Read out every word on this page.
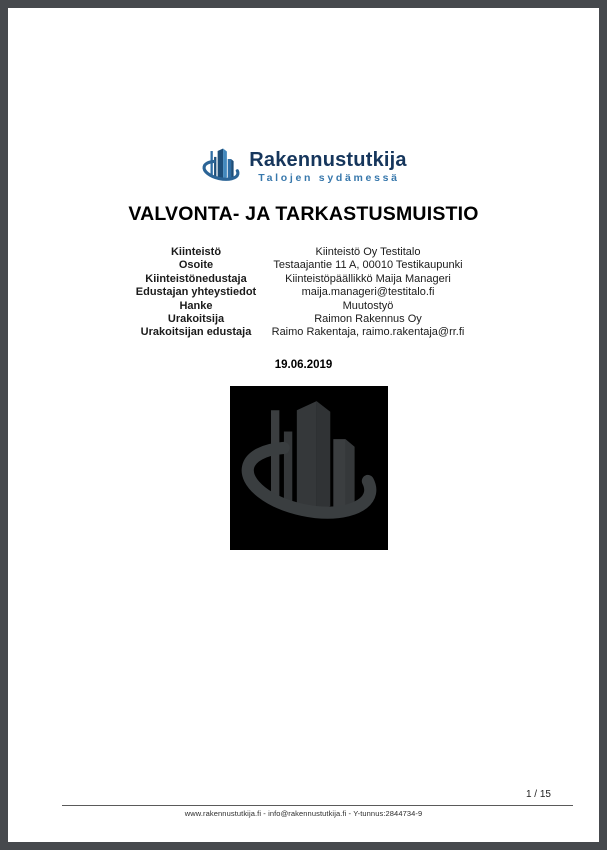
Rakennustutkija
Talojen sydämessä
VALVONTA- JA TARKASTUSMUISTIO
Kiinteistö	Kiinteistö Oy Testitalo
Osoite	Testaajantie 11 A, 00010 Testikaupunki
Kiinteistönedustaja	Kiinteistöpäällikkö Maija Manageri
Edustajan yhteystiedot	maija.manageri@testitalo.fi
Hanke	Muutostyö
Urakoitsija	Raimon Rakennus Oy
Urakoitsijan edustaja	Raimo Rakentaja, raimo.rakentaja@rr.fi
19.06.2019
1 / 15
www.rakennustutkija.fi - info@rakennustutkija.fi - Y-tunnus:2844734-9
